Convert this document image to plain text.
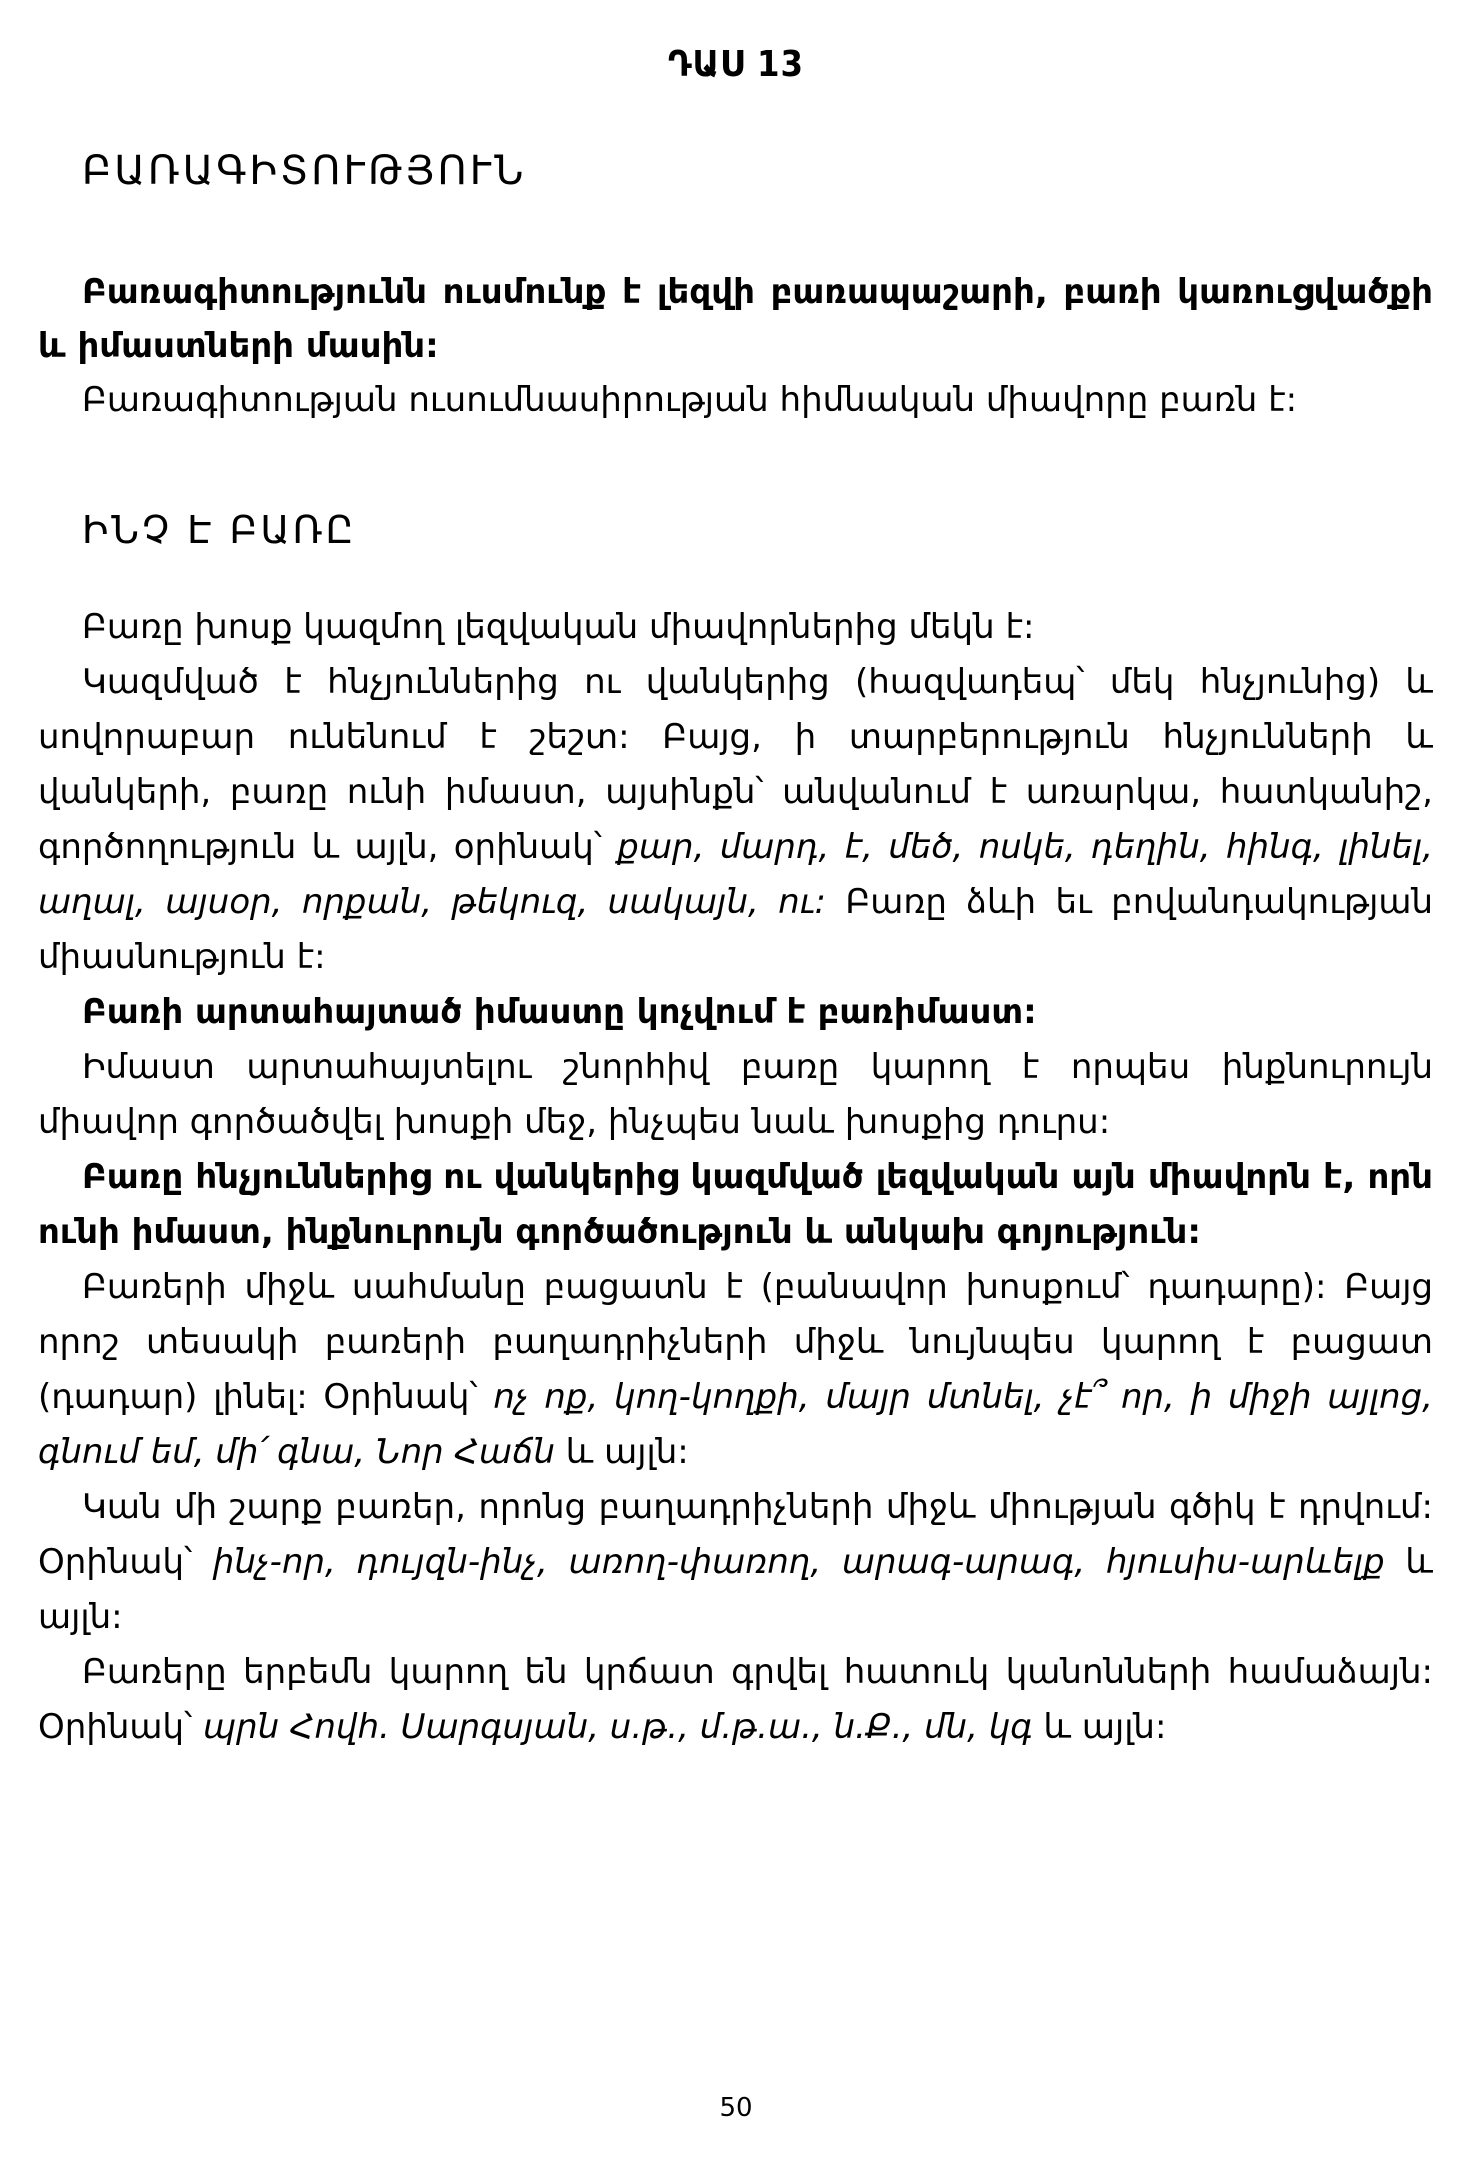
ԴԱՍ 13
ԲԱՌԱԳԻՏՈՒԹՅՈՒՆ

Բառագիտությունն ուսմունք է լեզվի բառապաշարի, բառի կառուցվածքի և իմաստների մասին:

Բառագիտության ուսումնասիրության հիմնական միավորը բառն է:

ԻՆՉ Է ԲԱՌԸ

Բառը խոսք կազմող լեզվական միավորներից մեկն է:

Կազմված է հնչյուններից ու վանկերից (հազվադեպ՝ մեկ հնչյունից) և սովորաբար ունենում է շեշտ: Բայց, ի տարբերություն հնչյունների և վանկերի, բառը ունի իմաստ, այսինքն՝ անվանում է առարկա, հատկանիշ, գործողություն և այլն, օրինակ՝ քար, մարդ, է, մեծ, ոսկե, դեղին, հինգ, լինել, աղալ, այսօր, որքան, թեկուզ, սակայն, ու: Բառը ձևի եւ բովանդակության միասնություն է:

Բառի արտահայտած իմաստը կոչվում է բառիմաստ:

Իմաստ արտահայտելու շնորհիվ բառը կարող է որպես ինքնուրույն միավոր գործածվել խոսքի մեջ, ինչպես նաև խոսքից դուրս:

Բառը հնչյուններից ու վանկերից կազմված լեզվական այն միավորն է, որն ունի իմաստ, ինքնուրույն գործածություն և անկախ գոյություն:

Բառերի միջև սահմանը բացատն է (բանավոր խոսքում՝ դադարը): Բայց որոշ տեսակի բառերի բաղադրիչների միջև նույնպես կարող է բացատ (դադար) լինել: Օրինակ՝ ոչ ոք, կող-կողքի, մայր մտնել, չէ՞ որ, ի միջի այլոց, գնում եմ, մի՛ գնա, Նոր Հաճն և այլն:

Կան մի շարք բառեր, որոնց բաղադրիչների միջև միության գծիկ է դրվում: Օրինակ՝ ինչ-որ, դույզն-ինչ, առող-փառող, արագ-արագ, հյուսիս-արևելք և այլն:

Բառերը երբեմն կարող են կրճատ գրվել հատուկ կանոնների համաձայն: Օրինակ՝ պրն Հովհ. Սարգսյան, ս.թ., մ.թ.ա., ն.Ք., մն, կգ և այլն:

50
